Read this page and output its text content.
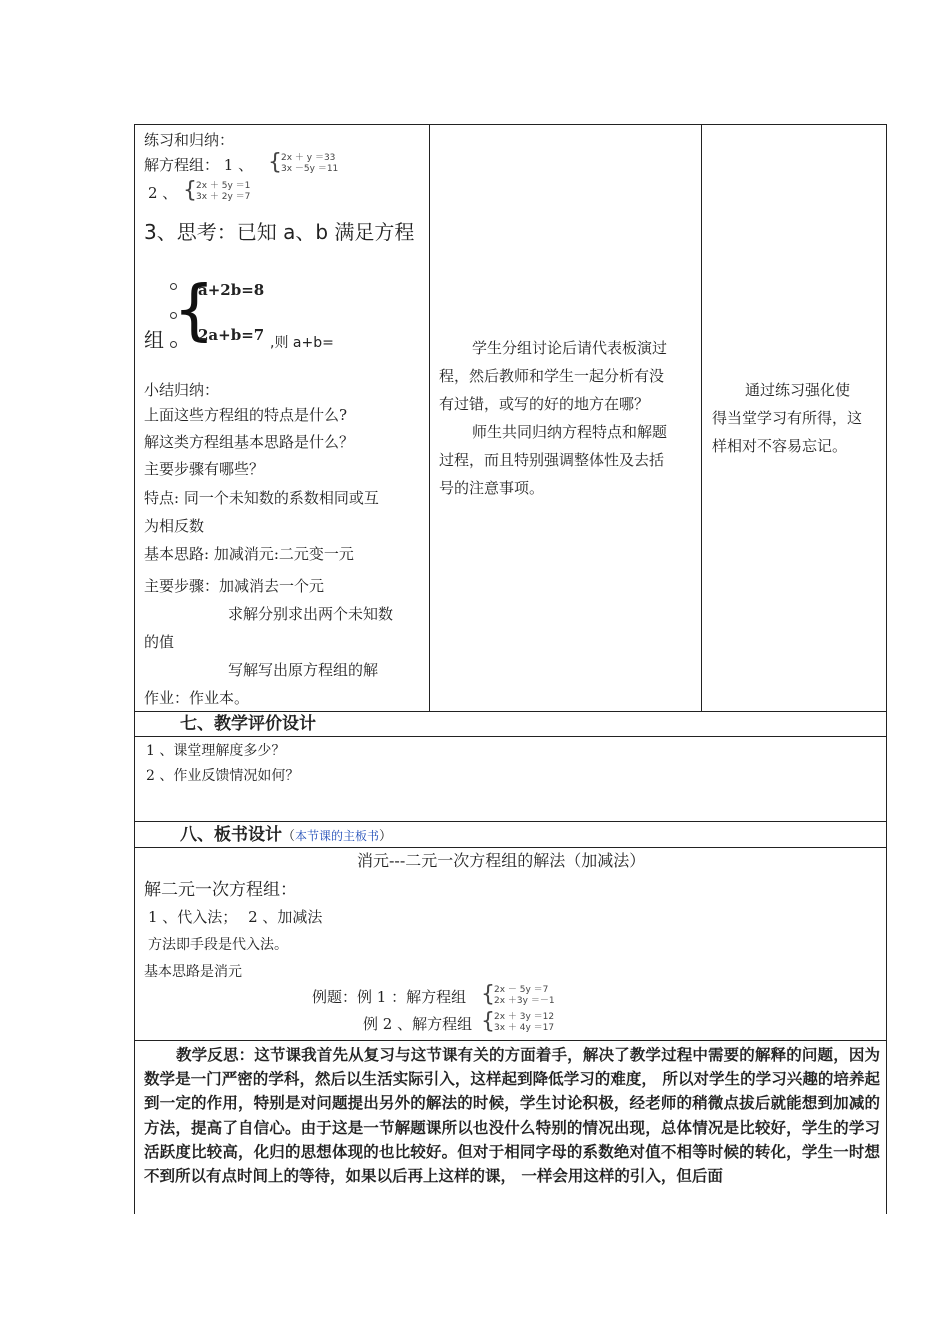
练习和归纳：
解方程组： 1 、 { 2x ＋ y ＝33
3x －5y ＝11
2 、 { 2x ＋ 5y ＝1
3x ＋ 2y ＝7
3、思考：已知 a、b 满足方程
{
a+2b=8
2a+b=7
组	,则 a+b=
小结归纳：
上面这些方程组的特点是什么?
解这类方程组基本思路是什么？
主要步骤有哪些？
特点: 同一个未知数的系数相同或互
为相反数
基本思路: 加减消元:二元变一元
主要步骤：加减消去一个元
求解分别求出两个未知数
的值
写解写出原方程组的解
作业：作业本。
学生分组讨论后请代表板演过
程，然后教师和学生一起分析有没
有过错，或写的好的地方在哪？
师生共同归纳方程特点和解题
过程，而且特别强调整体性及去括
号的注意事项。
通过练习强化使
得当堂学习有所得，这
样相对不容易忘记。
七、教学评价设计
1 、课堂理解度多少？
2 、作业反馈情况如何？
八、板书设计（本节课的主板书）
消元---二元一次方程组的解法（加减法）
解二元一次方程组：
1 、代入法； 2 、加减法
方法即手段是代入法。
基本思路是消元
例题：例 1 ：解方程组 { 2x － 5y ＝7
2x ＋3y ＝－1
例 2 、解方程组 { 2x ＋ 3y ＝12
3x ＋ 4y ＝17
教学反思：这节课我首先从复习与这节课有关的方面着手，解决了教学过程中需要的解释的问题，因为数学是一门严密的学科，然后以生活实际引入，这样起到降低学习的难度， 所以对学生的学习兴趣的培养起到一定的作用，特别是对问题提出另外的解法的时候，学生讨论积极，经老师的稍微点拔后就能想到加减的方法，提高了自信心。由于这是一节解题课所以也没什么特别的情况出现，总体情况是比较好，学生的学习活跃度比较高，化归的思想体现的也比较好。但对于相同字母的系数绝对值不相等时候的转化，学生一时想不到所以有点时间上的等待，如果以后再上这样的课， 一样会用这样的引入，但后面
